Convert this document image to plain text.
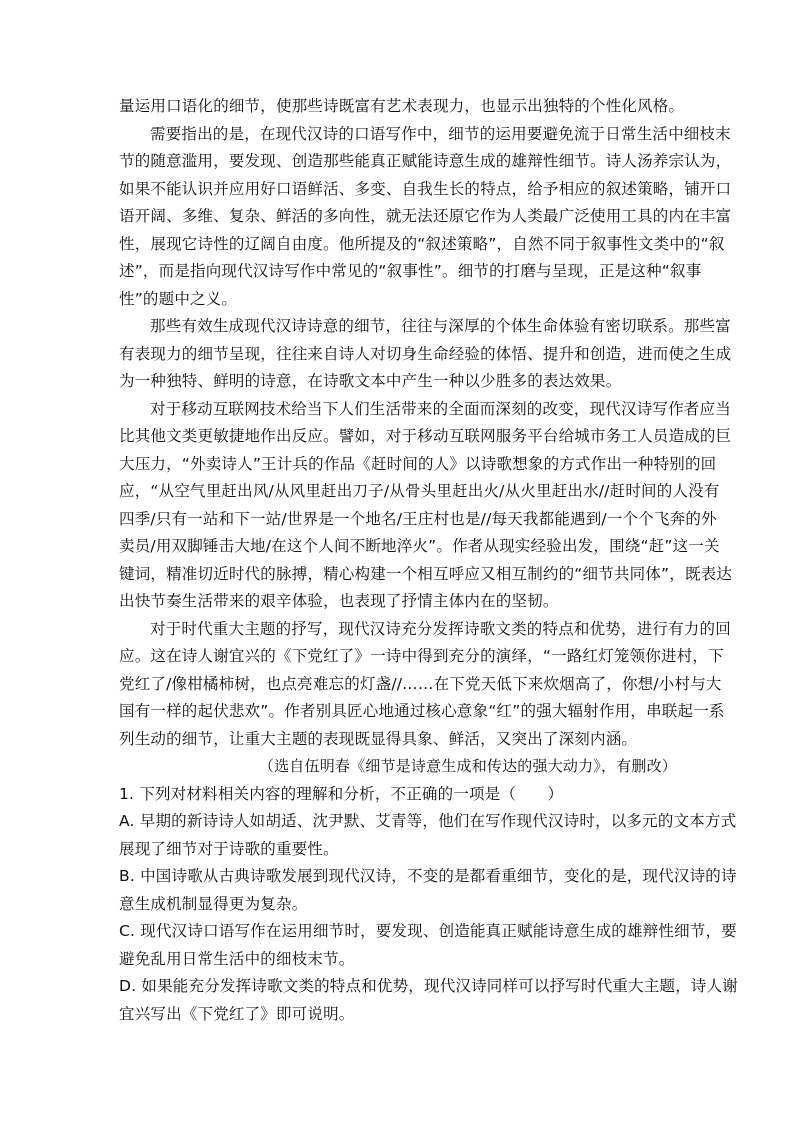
量运用口语化的细节，使那些诗既富有艺术表现力，也显示出独特的个性化风格。
需要指出的是，在现代汉诗的口语写作中，细节的运用要避免流于日常生活中细枝末
节的随意滥用，要发现、创造那些能真正赋能诗意生成的雄辩性细节。诗人汤养宗认为，
如果不能认识并应用好口语鲜活、多变、自我生长的特点，给予相应的叙述策略，铺开口
语开阔、多维、复杂、鲜活的多向性，就无法还原它作为人类最广泛使用工具的内在丰富
性，展现它诗性的辽阔自由度。他所提及的“叙述策略”，自然不同于叙事性文类中的“叙
述”，而是指向现代汉诗写作中常见的“叙事性”。细节的打磨与呈现，正是这种“叙事
性”的题中之义。
那些有效生成现代汉诗诗意的细节，往往与深厚的个体生命体验有密切联系。那些富
有表现力的细节呈现，往往来自诗人对切身生命经验的体悟、提升和创造，进而使之生成
为一种独特、鲜明的诗意，在诗歌文本中产生一种以少胜多的表达效果。
对于移动互联网技术给当下人们生活带来的全面而深刻的改变，现代汉诗写作者应当
比其他文类更敏捷地作出反应。譬如，对于移动互联网服务平台给城市务工人员造成的巨
大压力，“外卖诗人”王计兵的作品《赶时间的人》以诗歌想象的方式作出一种特别的回
应，“从空气里赶出风/从风里赶出刀子/从骨头里赶出火/从火里赶出水//赶时间的人没有
四季/只有一站和下一站/世界是一个地名/王庄村也是//每天我都能遇到/一个个飞奔的外
卖员/用双脚锤击大地/在这个人间不断地淬火”。作者从现实经验出发，围绕“赶”这一关
键词，精准切近时代的脉搏，精心构建一个相互呼应又相互制约的“细节共同体”，既表达
出快节奏生活带来的艰辛体验，也表现了抒情主体内在的坚韧。
对于时代重大主题的抒写，现代汉诗充分发挥诗歌文类的特点和优势，进行有力的回
应。这在诗人谢宜兴的《下党红了》一诗中得到充分的演绎，“一路红灯笼领你进村，下
党红了/像柑橘柿树，也点亮难忘的灯盏//……在下党天低下来炊烟高了，你想/小村与大
国有一样的起伏悲欢”。作者别具匠心地通过核心意象“红”的强大辐射作用，串联起一系
列生动的细节，让重大主题的表现既显得具象、鲜活，又突出了深刻内涵。
（选自伍明春《细节是诗意生成和传达的强大动力》，有删改）
1. 下列对材料相关内容的理解和分析，不正确的一项是（　　）
A. 早期的新诗诗人如胡适、沈尹默、艾青等，他们在写作现代汉诗时，以多元的文本方式
展现了细节对于诗歌的重要性。
B. 中国诗歌从古典诗歌发展到现代汉诗，不变的是都看重细节，变化的是，现代汉诗的诗
意生成机制显得更为复杂。
C. 现代汉诗口语写作在运用细节时，要发现、创造能真正赋能诗意生成的雄辩性细节，要
避免乱用日常生活中的细枝末节。
D. 如果能充分发挥诗歌文类的特点和优势，现代汉诗同样可以抒写时代重大主题，诗人谢
宜兴写出《下党红了》即可说明。
